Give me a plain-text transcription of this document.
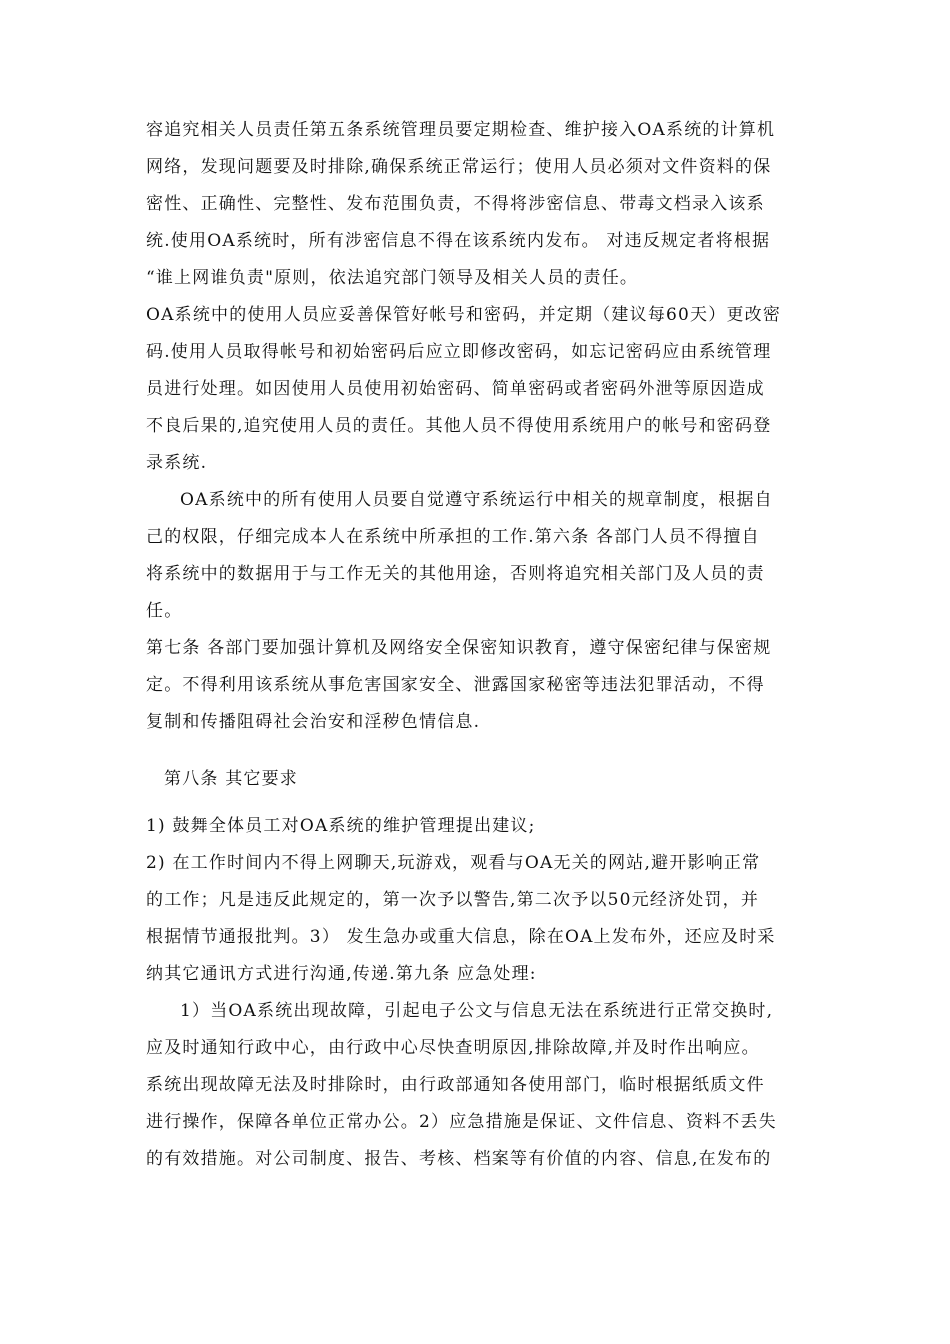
容追究相关人员责任第五条系统管理员要定期检查、维护接入OA系统的计算机
网络，发现问题要及时排除,确保系统正常运行；使用人员必须对文件资料的保
密性、正确性、完整性、发布范围负责，不得将涉密信息、带毒文档录入该系
统.使用OA系统时，所有涉密信息不得在该系统内发布。 对违反规定者将根据
“谁上网谁负责"原则，依法追究部门领导及相关人员的责任。
OA系统中的使用人员应妥善保管好帐号和密码，并定期（建议每60天）更改密
码.使用人员取得帐号和初始密码后应立即修改密码，如忘记密码应由系统管理
员进行处理。如因使用人员使用初始密码、简单密码或者密码外泄等原因造成
不良后果的,追究使用人员的责任。其他人员不得使用系统用户的帐号和密码登
录系统.
OA系统中的所有使用人员要自觉遵守系统运行中相关的规章制度，根据自
己的权限，仔细完成本人在系统中所承担的工作.第六条 各部门人员不得擅自
将系统中的数据用于与工作无关的其他用途，否则将追究相关部门及人员的责
任。
第七条 各部门要加强计算机及网络安全保密知识教育，遵守保密纪律与保密规
定。不得利用该系统从事危害国家安全、泄露国家秘密等违法犯罪活动，不得
复制和传播阻碍社会治安和淫秽色情信息.
第八条 其它要求
1) 鼓舞全体员工对OA系统的维护管理提出建议;
2) 在工作时间内不得上网聊天,玩游戏，观看与OA无关的网站,避开影响正常
的工作；凡是违反此规定的，第一次予以警告,第二次予以50元经济处罚，并
根据情节通报批判。3） 发生急办或重大信息，除在OA上发布外，还应及时采
纳其它通讯方式进行沟通,传递.第九条 应急处理:
1）当OA系统出现故障，引起电子公文与信息无法在系统进行正常交换时,
应及时通知行政中心，由行政中心尽快查明原因,排除故障,并及时作出响应。
系统出现故障无法及时排除时，由行政部通知各使用部门，临时根据纸质文件
进行操作，保障各单位正常办公。2）应急措施是保证、文件信息、资料不丢失
的有效措施。对公司制度、报告、考核、档案等有价值的内容、信息,在发布的
